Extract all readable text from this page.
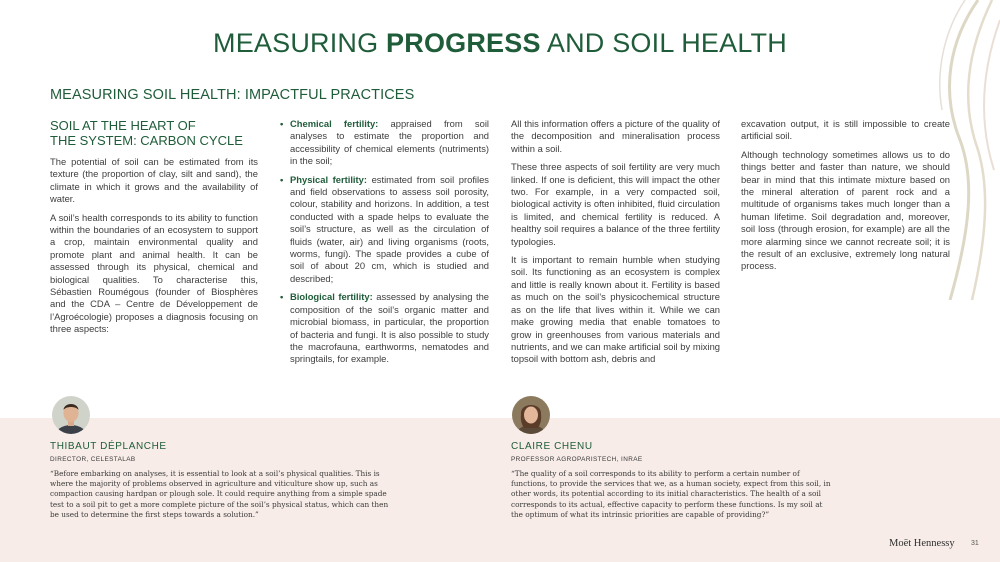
MEASURING PROGRESS AND SOIL HEALTH
MEASURING SOIL HEALTH: IMPACTFUL PRACTICES
SOIL AT THE HEART OF
THE SYSTEM: CARBON CYCLE

The potential of soil can be estimated from its texture (the proportion of clay, silt and sand), the climate in which it grows and the availability of water.

A soil’s health corresponds to its ability to function within the boundaries of an ecosystem to support a crop, maintain environmental quality and promote plant and animal health. It can be assessed through its physical, chemical and biological qualities. To characterise this, Sébastien Roumégous (founder of Biosphères and the CDA – Centre de Développement de l’Agroécologie) proposes a diagnosis focusing on three aspects:

• Chemical fertility: appraised from soil analyses to estimate the proportion and accessibility of chemical elements (nutriments) in the soil;
• Physical fertility: estimated from soil profiles and field observations to assess soil porosity, colour, stability and horizons. In addition, a test conducted with a spade helps to evaluate the soil’s structure, as well as the circulation of fluids (water, air) and living organisms (roots, worms, fungi). The spade provides a cube of soil of about 20 cm, which is studied and described;
• Biological fertility: assessed by analysing the composition of the soil’s organic matter and microbial biomass, in particular, the proportion of bacteria and fungi. It is also possible to study the macrofauna, earthworms, nematodes and springtails, for example.

All this information offers a picture of the quality of the decomposition and mineralisation process within a soil.

These three aspects of soil fertility are very much linked. If one is deficient, this will impact the other two. For example, in a very compacted soil, biological activity is often inhibited, fluid circulation is limited, and chemical fertility is reduced. A healthy soil requires a balance of the three fertility typologies.

It is important to remain humble when studying soil. Its functioning as an ecosystem is complex and little is really known about it. Fertility is based as much on the soil’s physicochemical structure as on the life that lives within it. While we can make growing media that enable tomatoes to grow in greenhouses from various materials and nutrients, and we can make artificial soil by mixing topsoil with bottom ash, debris and

excavation output, it is still impossible to create artificial soil.

Although technology sometimes allows us to do things better and faster than nature, we should bear in mind that this intimate mixture based on the mineral alteration of parent rock and a multitude of organisms takes much longer than a human lifetime. Soil degradation and, moreover, soil loss (through erosion, for example) are all the more alarming since we cannot recreate soil; it is the result of an exclusive, extremely long natural process.

THIBAUT DÉPLANCHE
DIRECTOR, CELESTALAB
“Before embarking on analyses, it is essential to look at a soil’s physical qualities. This is where the majority of problems observed in agriculture and viticulture show up, such as compaction causing hardpan or plough sole. It could require anything from a simple spade test to a soil pit to get a more complete picture of the soil’s physical status, which can then be used to determine the first steps towards a solution.”
CLAIRE CHENU
PROFESSOR AGROPARISTECH, INRAE
“The quality of a soil corresponds to its ability to perform a certain number of functions, to provide the services that we, as a human society, expect from this soil, in other words, its potential according to its initial characteristics. The health of a soil corresponds to its actual, effective capacity to perform these functions. Is my soil at the optimum of what its intrinsic priorities are capable of providing?”
Moët Hennessy 31
